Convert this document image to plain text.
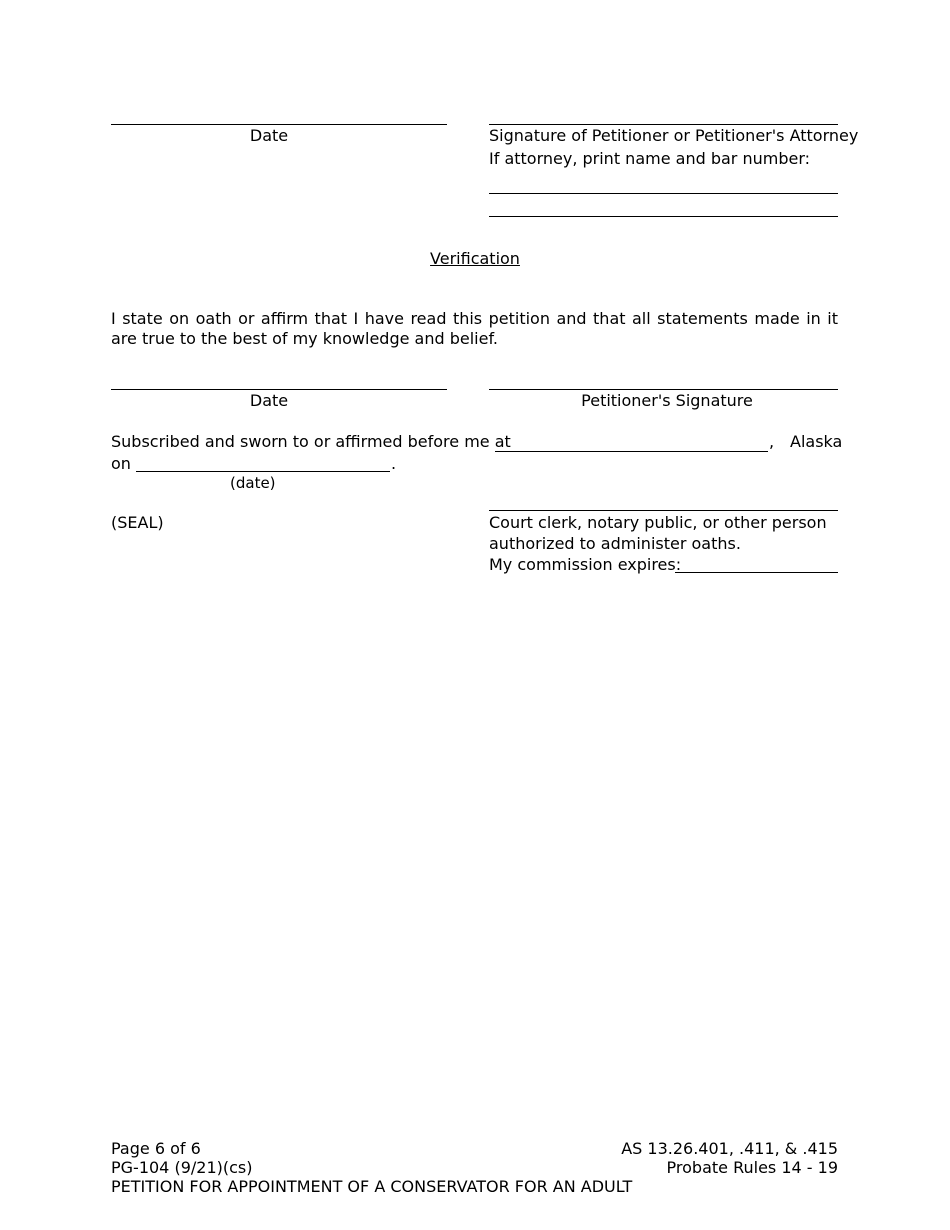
Date	Signature of Petitioner or Petitioner's Attorney
If attorney, print name and bar number:
Verification
I state on oath or affirm that I have read this petition and that all statements made in it are true to the best of my knowledge and belief.
Date	Petitioner's Signature
Subscribed and sworn to or affirmed before me at	, Alaska
on	.
(date)
(SEAL)	Court clerk, notary public, or other person
authorized to administer oaths.
My commission expires:
Page 6 of 6
PG-104 (9/21)(cs)
PETITION FOR APPOINTMENT OF A CONSERVATOR FOR AN ADULT
AS 13.26.401, .411, & .415
Probate Rules 14 - 19
